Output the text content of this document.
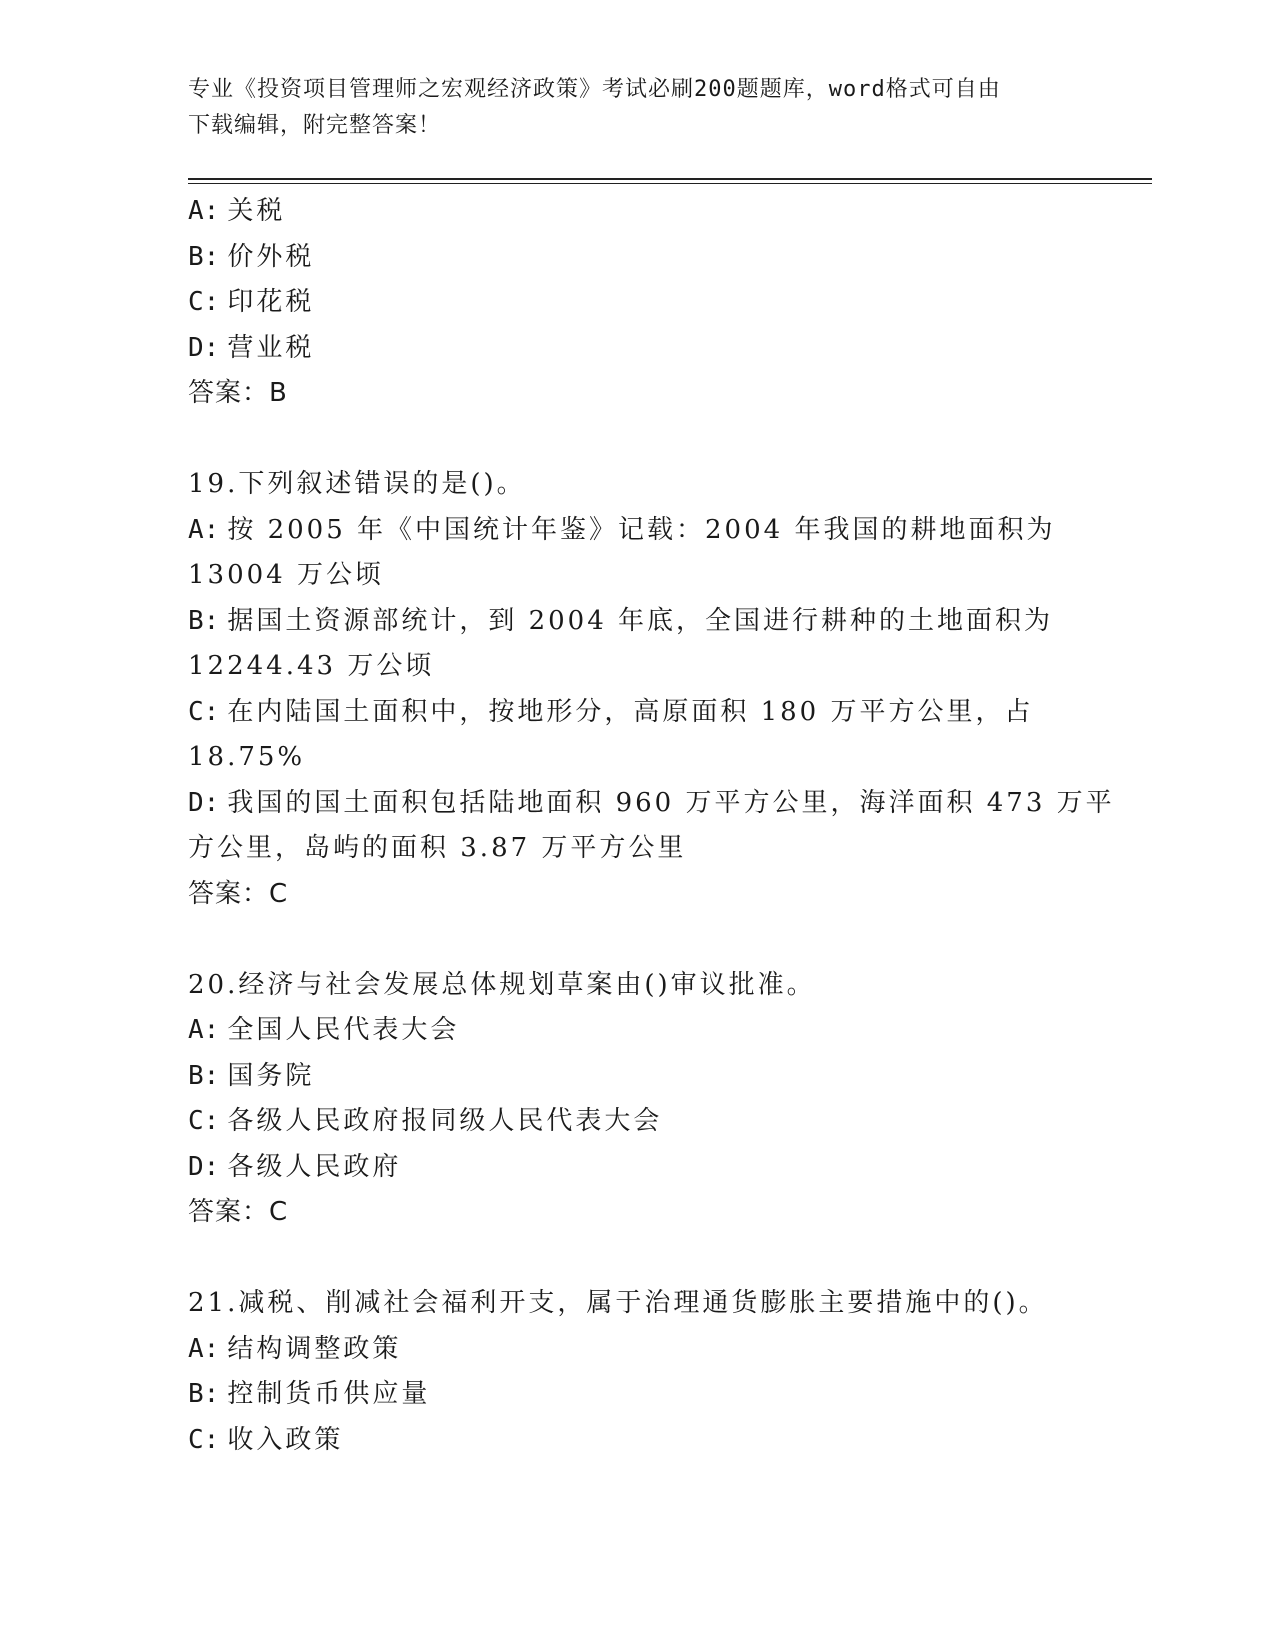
专业《投资项目管理师之宏观经济政策》考试必刷200题题库，word格式可自由
下载编辑，附完整答案！
A: 关税
B: 价外税
C: 印花税
D: 营业税
答案：B
19.下列叙述错误的是()。
A: 按 2005 年《中国统计年鉴》记载：2004 年我国的耕地面积为
13004 万公顷
B: 据国土资源部统计，到 2004 年底，全国进行耕种的土地面积为
12244.43 万公顷
C: 在内陆国土面积中，按地形分，高原面积 180 万平方公里，占
18.75%
D: 我国的国土面积包括陆地面积 960 万平方公里，海洋面积 473 万平
方公里，岛屿的面积 3.87 万平方公里
答案：C
20.经济与社会发展总体规划草案由()审议批准。
A: 全国人民代表大会
B: 国务院
C: 各级人民政府报同级人民代表大会
D: 各级人民政府
答案：C
21.减税、削减社会福利开支，属于治理通货膨胀主要措施中的()。
A: 结构调整政策
B: 控制货币供应量
C: 收入政策
